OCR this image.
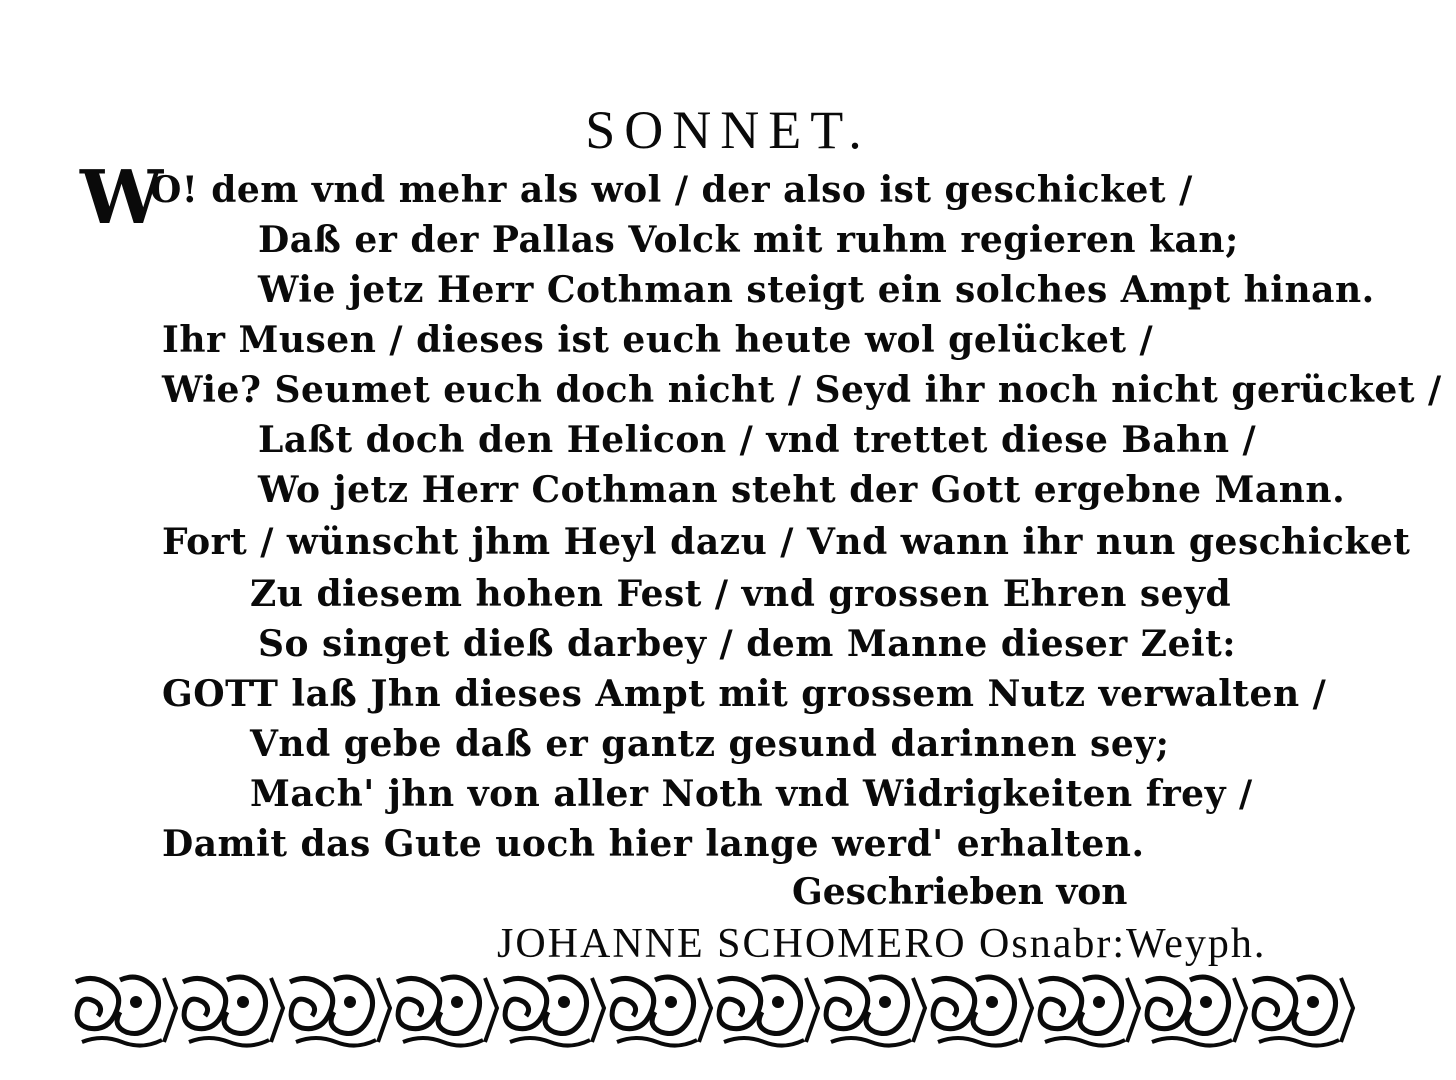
SONNET.
W
O! dem vnd mehr als wol / der also ist geschicket /
Daß er der Pallas Volck mit ruhm regieren kan;
Wie jetz Herr Cothman steigt ein solches Ampt hinan.
Ihr Musen / dieses ist euch heute wol gelücket /
Wie? Seumet euch doch nicht / Seyd ihr noch nicht gerücket /
Laßt doch den Helicon / vnd trettet diese Bahn /
Wo jetz Herr Cothman steht der Gott ergebne Mann.
Fort / wünscht jhm Heyl dazu / Vnd wann ihr nun geschicket
Zu diesem hohen Fest / vnd grossen Ehren seyd
So singet dieß darbey / dem Manne dieser Zeit:
GOTT laß Jhn dieses Ampt mit grossem Nutz verwalten /
Vnd gebe daß er gantz gesund darinnen sey;
Mach' jhn von aller Noth vnd Widrigkeiten frey /
Damit das Gute uoch hier lange werd' erhalten.
Geschrieben von
JOHANNE SCHOMERO Osnabr:Weyph.
